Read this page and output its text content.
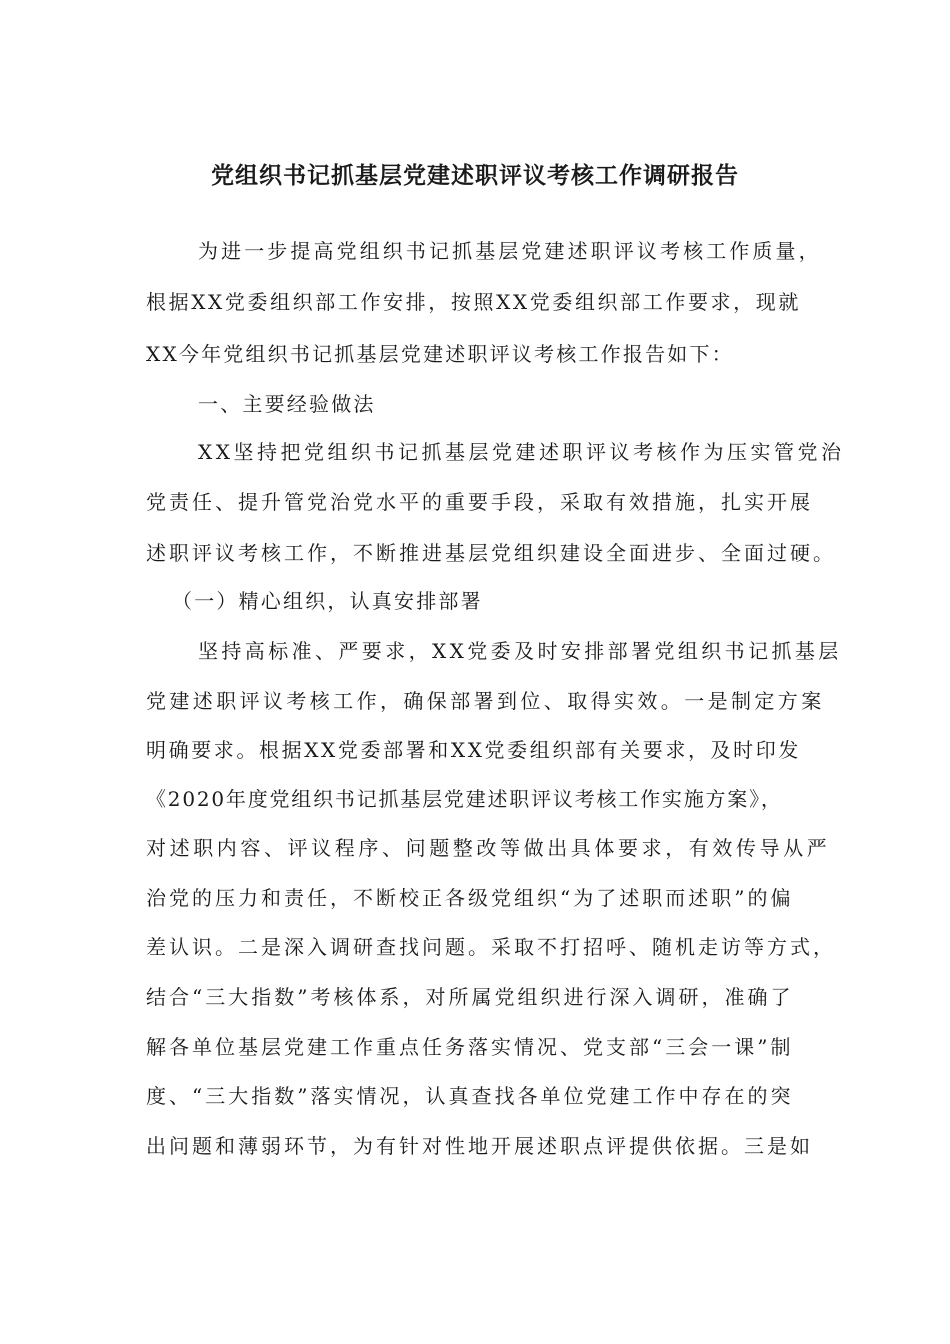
党组织书记抓基层党建述职评议考核工作调研报告
为进一步提高党组织书记抓基层党建述职评议考核工作质量，
根据XX党委组织部工作安排，按照XX党委组织部工作要求，现就
XX今年党组织书记抓基层党建述职评议考核工作报告如下：
一、主要经验做法
XX坚持把党组织书记抓基层党建述职评议考核作为压实管党治
党责任、提升管党治党水平的重要手段，采取有效措施，扎实开展
述职评议考核工作，不断推进基层党组织建设全面进步、全面过硬。
（一）精心组织，认真安排部署
坚持高标准、严要求，XX党委及时安排部署党组织书记抓基层
党建述职评议考核工作，确保部署到位、取得实效。一是制定方案
明确要求。根据XX党委部署和XX党委组织部有关要求，及时印发
《2020年度党组织书记抓基层党建述职评议考核工作实施方案》，
对述职内容、评议程序、问题整改等做出具体要求，有效传导从严
治党的压力和责任，不断校正各级党组织“为了述职而述职”的偏
差认识。二是深入调研查找问题。采取不打招呼、随机走访等方式，
结合“三大指数”考核体系，对所属党组织进行深入调研，准确了
解各单位基层党建工作重点任务落实情况、党支部“三会一课”制
度、“三大指数”落实情况，认真查找各单位党建工作中存在的突
出问题和薄弱环节，为有针对性地开展述职点评提供依据。三是如
